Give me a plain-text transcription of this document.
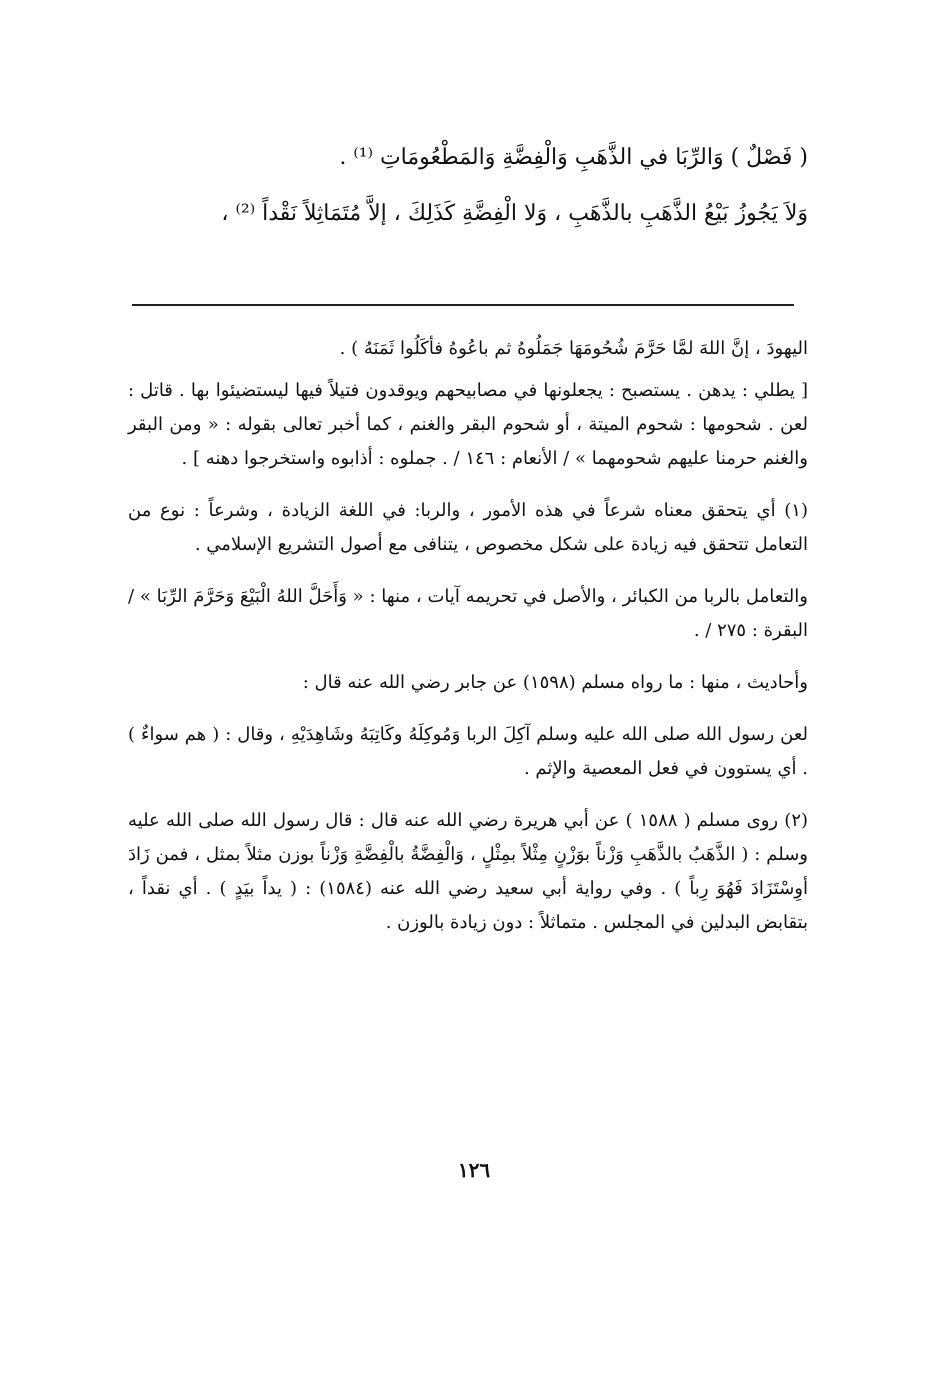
( فَصْلٌ ) وَالرِّبَا في الذَّهَبِ وَالْفِضَّةِ وَالمَطْعُومَاتِ ⁽¹⁾ .

وَلاَ يَجُوزُ بَيْعُ الذَّهَبِ بالذَّهَبِ ، وَلا الْفِضَّةِ كَذَلِكَ ، إلاَّ مُتَمَاثِلاً نَقْداً ⁽²⁾ ،

اليهودَ ، إنَّ اللهَ لمَّا حَرَّمَ شُحُومَهَا جَمَلُوهُ ثم باعُوهُ فأكَلُوا ثَمَنَهُ ) .

[ يطلي : يدهن . يستصبح : يجعلونها في مصابيحهم ويوقدون فتيلاً فيها ليستضيئوا بها . قاتل : لعن . شحومها : شحوم الميتة ، أو شحوم البقر والغنم ، كما أخبر تعالى بقوله : « ومن البقر والغنم حرمنا عليهم شحومهما » / الأنعام : ١٤٦ / . جملوه : أذابوه واستخرجوا دهنه ] .

(١) أي يتحقق معناه شرعاً في هذه الأمور ، والربا: في اللغة الزيادة ، وشرعاً : نوع من التعامل تتحقق فيه زيادة على شكل مخصوص ، يتنافى مع أصول التشريع الإسلامي .

والتعامل بالربا من الكبائر ، والأصل في تحريمه آيات ، منها : « وَأَحَلَّ اللهُ الْبَيْعَ وَحَرَّمَ الرِّبَا » / البقرة : ٢٧٥ / .

وأحاديث ، منها : ما رواه مسلم (١٥٩٨) عن جابر رضي الله عنه قال :

لعن رسول الله صلى الله عليه وسلم آكِلَ الربا وَمُوكِلَهُ وكَاتِبَهُ وشَاهِدَيْهِ ، وقال : ( هم سواءٌ ) . أي يستوون في فعل المعصية والإثم .

(٢) روى مسلم ( ١٥٨٨ ) عن أبي هريرة رضي الله عنه قال : قال رسول الله صلى الله عليه وسلم : ( الذَّهَبُ بالذَّهَبِ وَزْناً بوَزْنٍ مِثْلاً بمِثْلٍ ، وَالْفِضَّةُ بالْفِضَّةِ وَزْناً بوزن مثلاً بمثل ، فمن زَادَ أوِسْتَزَادَ فَهُوَ رِباً ) . وفي رواية أبي سعيد رضي الله عنه (١٥٨٤) : ( يداً بيَدٍ ) . أي نقداً ، بتقابض البدلين في المجلس . متماثلاً : دون زيادة بالوزن .

١٢٦
